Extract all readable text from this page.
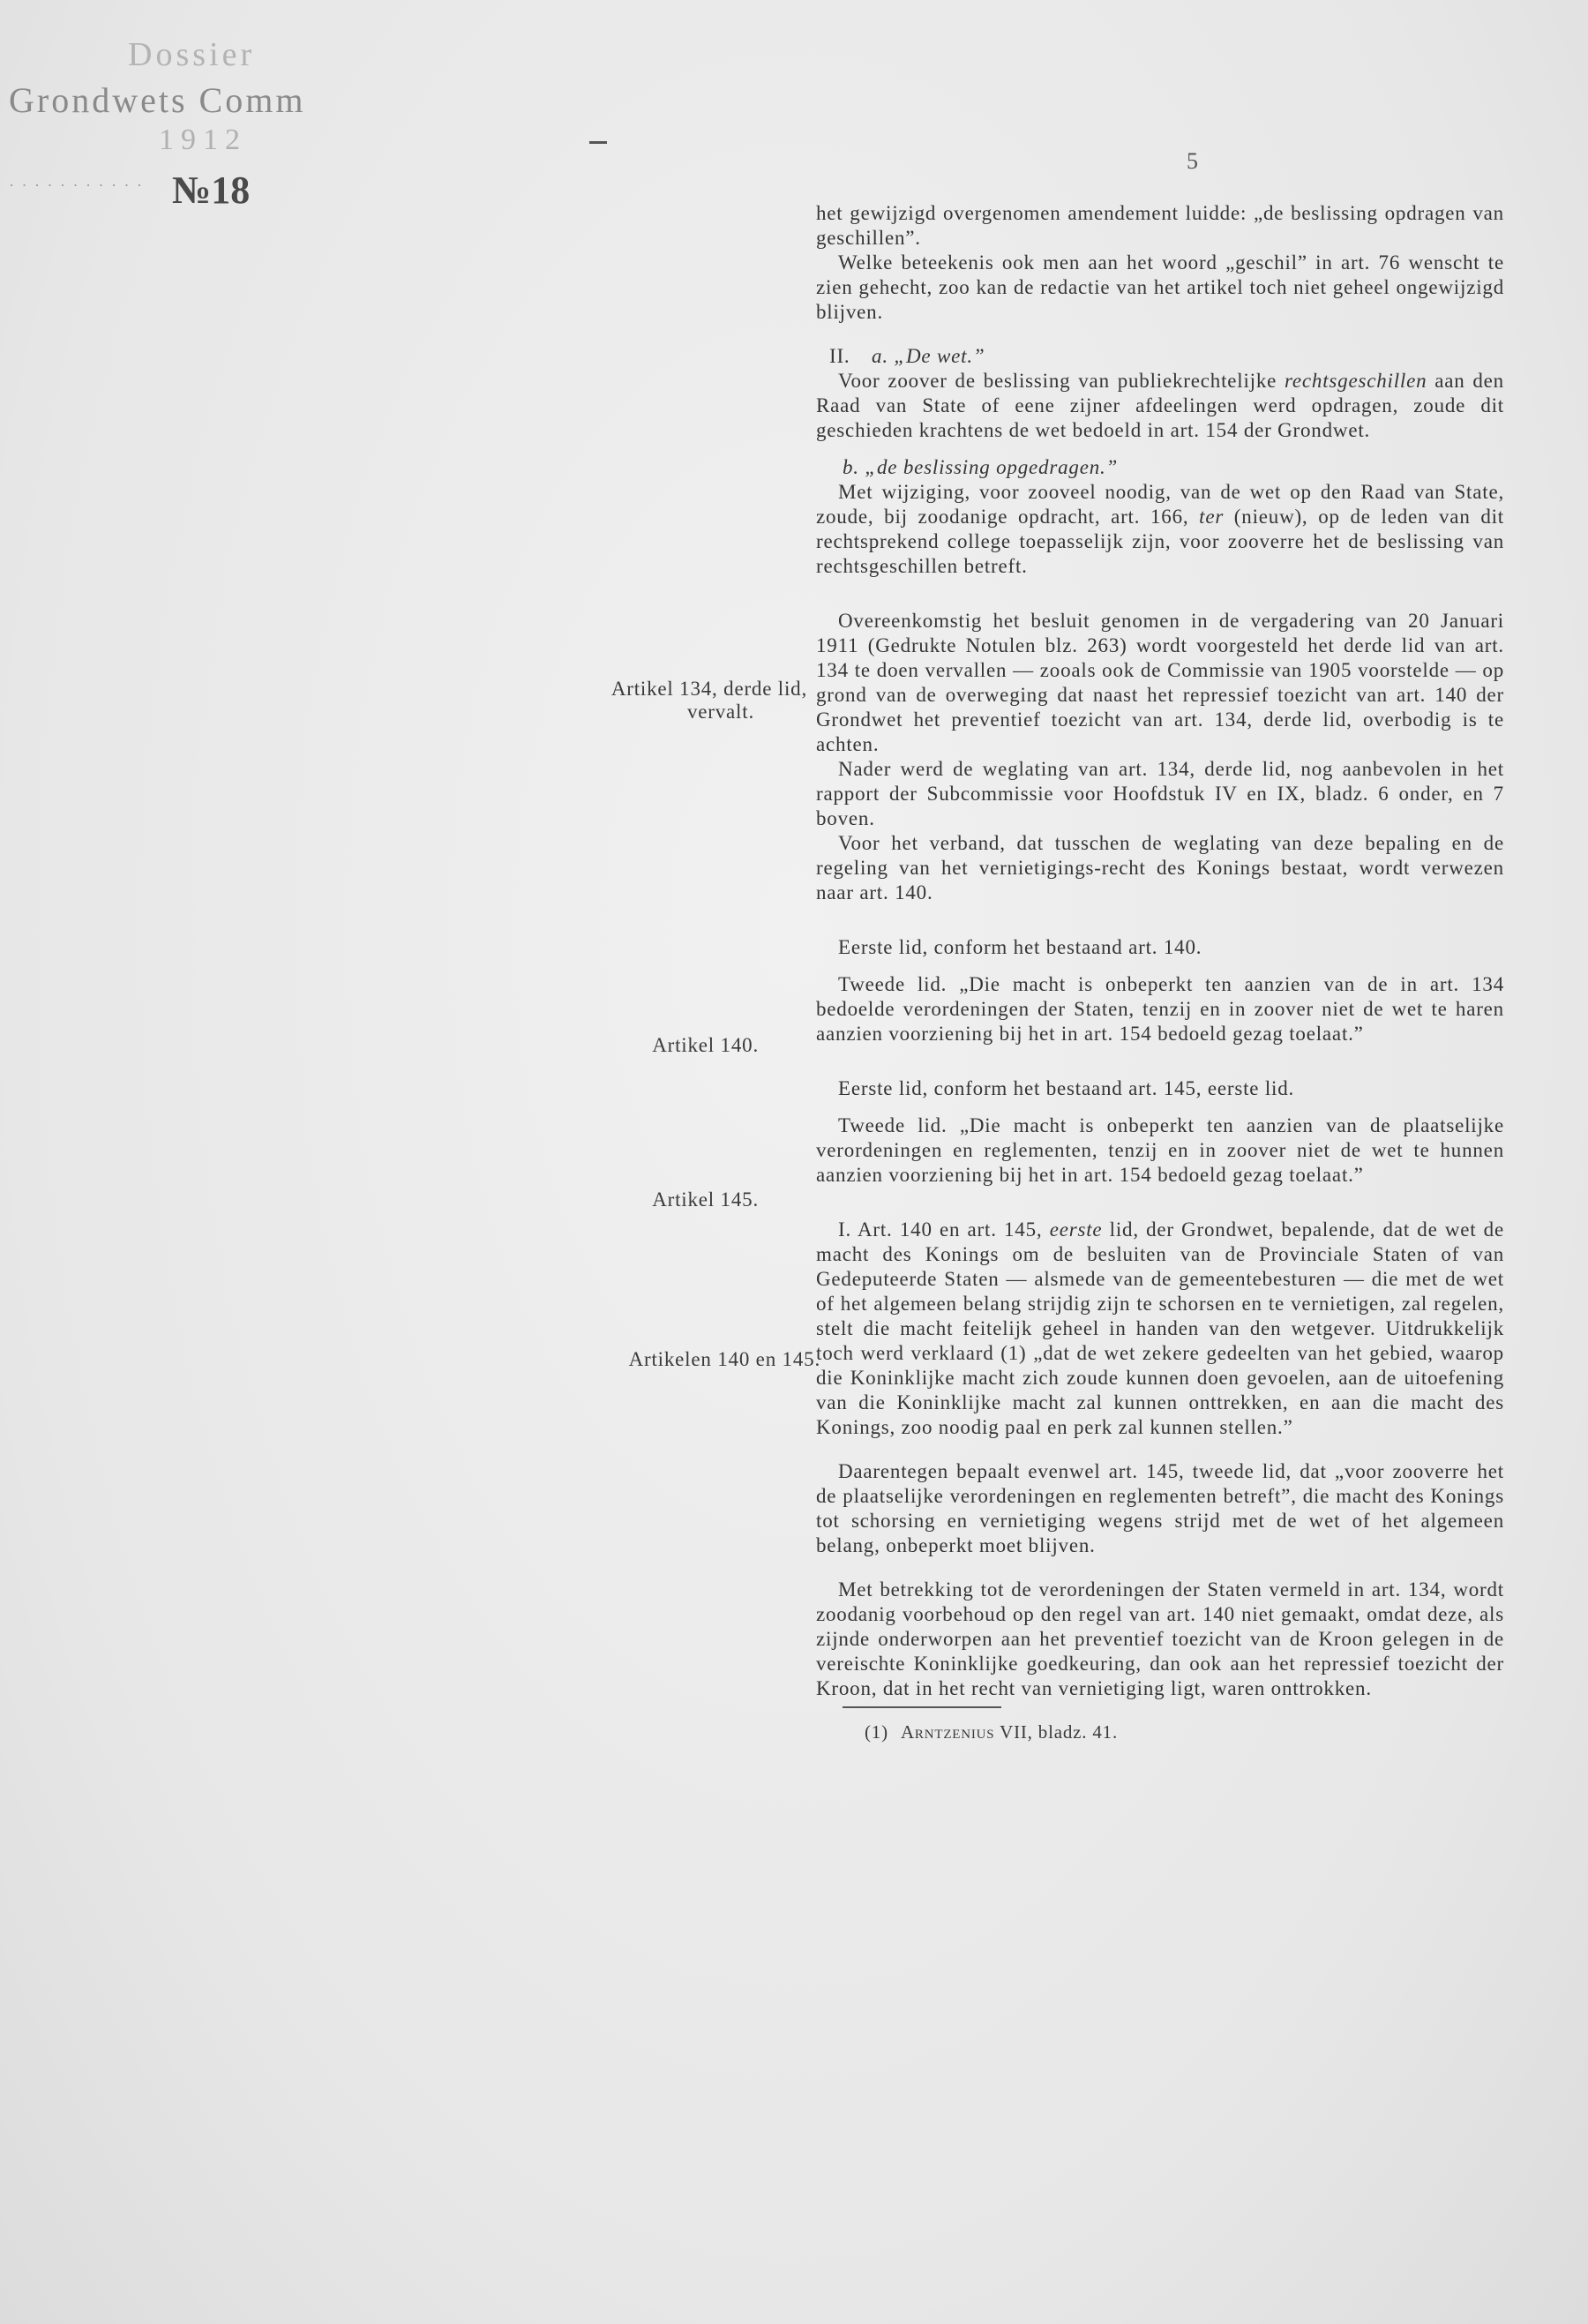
Dossier
Grondwets Comm
1912
· · · · · · · · · · · №18
5
Artikel 134, derde lid,
vervalt.
Artikel 140.
Artikel 145.
Artikelen 140 en 145.

het gewijzigd overgenomen amendement luidde: „de beslissing opdragen van geschillen”.

Welke beteekenis ook men aan het woord „geschil” in art. 76 wenscht te zien gehecht, zoo kan de redactie van het artikel toch niet geheel ongewijzigd blijven.

II. a. „De wet.”

Voor zoover de beslissing van publiekrechtelijke rechtsgeschillen aan den Raad van State of eene zijner afdeelingen werd opdragen, zoude dit geschieden krachtens de wet bedoeld in art. 154 der Grondwet.

b. „de beslissing opgedragen.”

Met wijziging, voor zooveel noodig, van de wet op den Raad van State, zoude, bij zoodanige opdracht, art. 166, ter (nieuw), op de leden van dit rechtsprekend college toepasselijk zijn, voor zooverre het de beslissing van rechtsgeschillen betreft.

Overeenkomstig het besluit genomen in de vergadering van 20 Januari 1911 (Gedrukte Notulen blz. 263) wordt voorgesteld het derde lid van art. 134 te doen vervallen — zooals ook de Commissie van 1905 voorstelde — op grond van de overweging dat naast het repressief toezicht van art. 140 der Grondwet het preventief toezicht van art. 134, derde lid, overbodig is te achten.

Nader werd de weglating van art. 134, derde lid, nog aanbevolen in het rapport der Subcommissie voor Hoofdstuk IV en IX, bladz. 6 onder, en 7 boven.

Voor het verband, dat tusschen de weglating van deze bepaling en de regeling van het vernietigings-recht des Konings bestaat, wordt verwezen naar art. 140.

Eerste lid, conform het bestaand art. 140.

Tweede lid. „Die macht is onbeperkt ten aanzien van de in art. 134 bedoelde verordeningen der Staten, tenzij en in zoover niet de wet te haren aanzien voorziening bij het in art. 154 bedoeld gezag toelaat.”

Eerste lid, conform het bestaand art. 145, eerste lid.

Tweede lid. „Die macht is onbeperkt ten aanzien van de plaatselijke verordeningen en reglementen, tenzij en in zoover niet de wet te hunnen aanzien voorziening bij het in art. 154 bedoeld gezag toelaat.”

I. Art. 140 en art. 145, eerste lid, der Grondwet, bepalende, dat de wet de macht des Konings om de besluiten van de Provinciale Staten of van Gedeputeerde Staten — alsmede van de gemeentebesturen — die met de wet of het algemeen belang strijdig zijn te schorsen en te vernietigen, zal regelen, stelt die macht feitelijk geheel in handen van den wetgever. Uitdrukkelijk toch werd verklaard (1) „dat de wet zekere gedeelten van het gebied, waarop die Koninklijke macht zich zoude kunnen doen gevoelen, aan de uitoefening van die Koninklijke macht zal kunnen onttrekken, en aan die macht des Konings, zoo noodig paal en perk zal kunnen stellen.”

Daarentegen bepaalt evenwel art. 145, tweede lid, dat „voor zooverre het de plaatselijke verordeningen en reglementen betreft”, die macht des Konings tot schorsing en vernietiging wegens strijd met de wet of het algemeen belang, onbeperkt moet blijven.

Met betrekking tot de verordeningen der Staten vermeld in art. 134, wordt zoodanig voorbehoud op den regel van art. 140 niet gemaakt, omdat deze, als zijnde onderworpen aan het preventief toezicht van de Kroon gelegen in de vereischte Koninklijke goedkeuring, dan ook aan het repressief toezicht der Kroon, dat in het recht van vernietiging ligt, waren onttrokken.

(1) Arntzenius VII, bladz. 41.
